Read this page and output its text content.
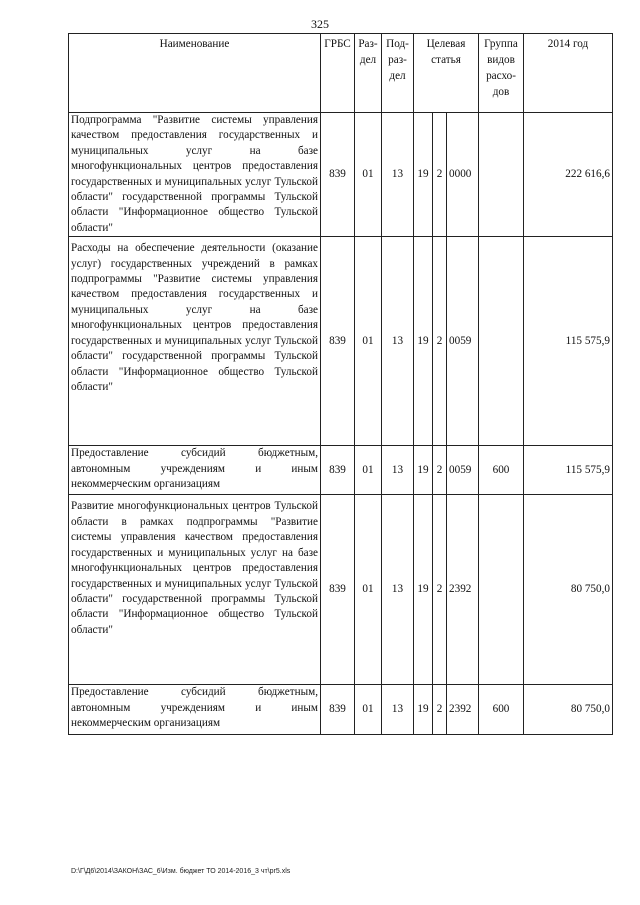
325
Наименование	ГРБС	Раз- дел	Под- раз- дел	Целевая статья			Группа видов расхо- дов	2014 год
Подпрограмма "Развитие системы управления качеством предоставления государственных и муниципальных услуг на базе многофункциональных центров предоставления государственных и муниципальных услуг Тульской области" государственной программы Тульской области "Информационное общество Тульской области"	839	01	13	19	2	0000		222 616,6
Расходы на обеспечение деятельности (оказание услуг) государственных учреждений в рамках подпрограммы "Развитие системы управления качеством предоставления государственных и муниципальных услуг на базе многофункциональных центров предоставления государственных и муниципальных услуг Тульской области" государственной программы Тульской области "Информационное общество Тульской области"	839	01	13	19	2	0059		115 575,9
Предоставление субсидий бюджетным, автономным учреждениям и иным некоммерческим организациям	839	01	13	19	2	0059	600	115 575,9
Развитие многофункциональных центров Тульской области в рамках подпрограммы "Развитие системы управления качеством предоставления государственных и муниципальных услуг на базе многофункциональных центров предоставления государственных и муниципальных услуг Тульской области" государственной программы Тульской области "Информационное общество Тульской области"	839	01	13	19	2	2392		80 750,0
Предоставление субсидий бюджетным, автономным учреждениям и иным некоммерческим организациям	839	01	13	19	2	2392	600	80 750,0
D:\Г\Д6\2014\ЗАКОН\ЗАС_6\Изм. бюджет ТО 2014-2016_3 чт\pr5.xls
